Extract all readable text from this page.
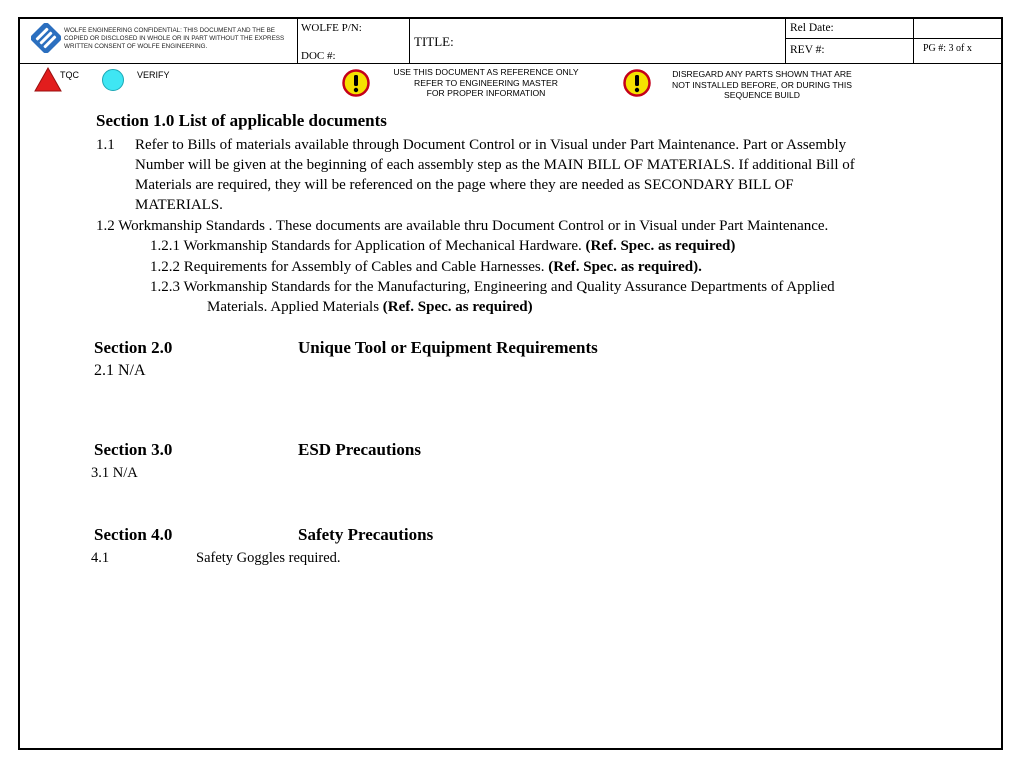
WOLFE ENGINEERING CONFIDENTIAL: THIS DOCUMENT AND THE BE COPIED OR DISCLOSED IN WHOLE OR IN PART WITHOUT THE EXPRESS WRITTEN CONSENT OF WOLFE ENGINEERING.
WOLFE P/N:
DOC #:
TITLE:
Rel Date:
REV #:	PG #: 3 of x
TQC	VERIFY	USE THIS DOCUMENT AS REFERENCE ONLY
REFER TO ENGINEERING MASTER
FOR PROPER INFORMATION
DISREGARD ANY PARTS SHOWN THAT ARE
NOT INSTALLED BEFORE, OR DURING THIS
SEQUENCE BUILD
Section 1.0 List of applicable documents
1.1 Refer to Bills of materials available through Document Control or in Visual under Part Maintenance. Part or Assembly
Number will be given at the beginning of each assembly step as the MAIN BILL OF MATERIALS. If additional Bill of
Materials are required, they will be referenced on the page where they are needed as SECONDARY BILL OF
MATERIALS.
1.2 Workmanship Standards . These documents are available thru Document Control or in Visual under Part Maintenance.
1.2.1 Workmanship Standards for Application of Mechanical Hardware. (Ref. Spec. as required)
1.2.2 Requirements for Assembly of Cables and Cable Harnesses. (Ref. Spec. as required).
1.2.3 Workmanship Standards for the Manufacturing, Engineering and Quality Assurance Departments of Applied
Materials. Applied Materials (Ref. Spec. as required)
Section 2.0	Unique Tool or Equipment Requirements
2.1 N/A
Section 3.0	ESD Precautions
3.1 N/A
Section 4.0	Safety Precautions
4.1	Safety Goggles required.
